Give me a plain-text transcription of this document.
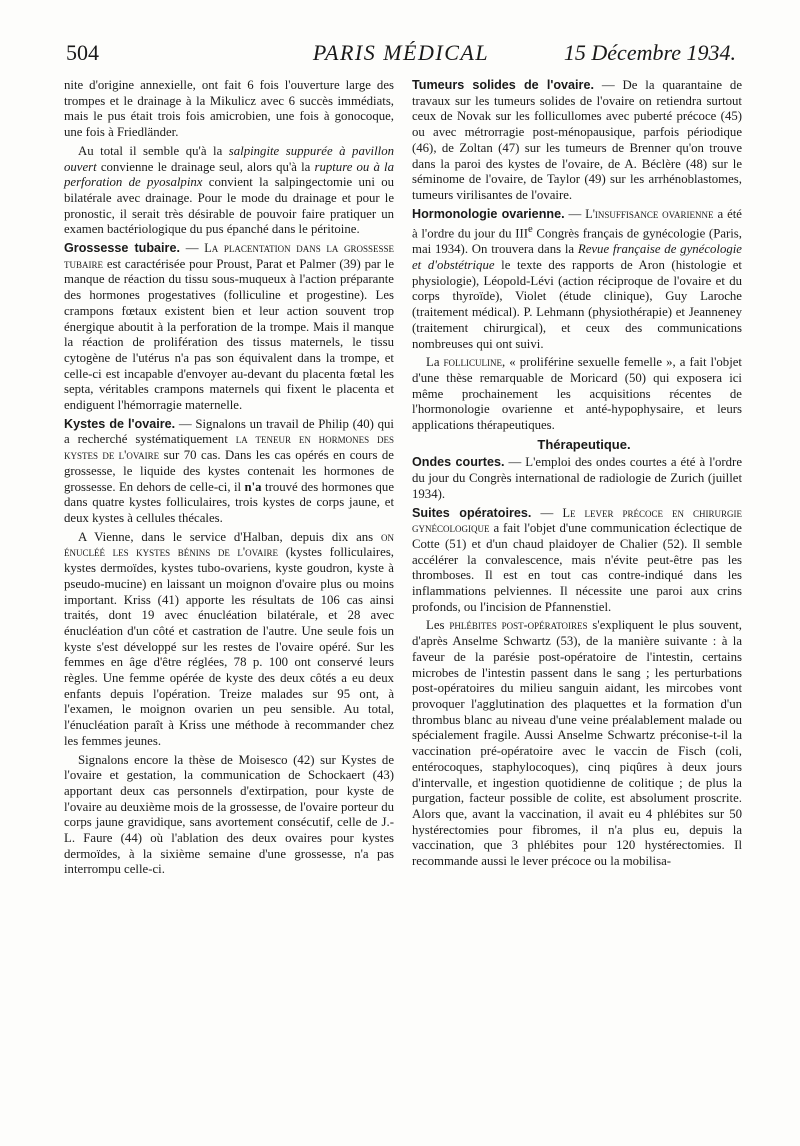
504	PARIS MÉDICAL	15 Décembre 1934.

nite d'origine annexielle, ont fait 6 fois l'ouverture large des trompes et le drainage à la Mikulicz avec 6 succès immédiats, mais le pus était trois fois amicrobien, une fois à gonocoque, une fois à Friedländer.

Au total il semble qu'à la salpingite suppurée à pavillon ouvert convienne le drainage seul, alors qu'à la rupture ou à la perforation de pyosalpinx convient la salpingectomie uni ou bilatérale avec drainage. Pour le mode du drainage et pour le pronostic, il serait très désirable de pouvoir faire pratiquer un examen bactériologique du pus épanché dans le péritoine.

Grossesse tubaire. — La placentation dans la grossesse tubaire est caractérisée pour Proust, Parat et Palmer (39) par le manque de réaction du tissu sous-muqueux à l'action préparante des hormones progestatives (folliculine et progestine). Les crampons fœtaux existent bien et leur action souvent trop énergique aboutit à la perforation de la trompe. Mais il manque la réaction de prolifération des tissus maternels, le tissu cytogène de l'utérus n'a pas son équivalent dans la trompe, et celle-ci est incapable d'envoyer au-devant du placenta fœtal les septa, véritables crampons maternels qui fixent le placenta et endiguent l'hémorragie maternelle.

Kystes de l'ovaire. — Signalons un travail de Philip (40) qui a recherché systématiquement la teneur en hormones des kystes de l'ovaire sur 70 cas. Dans les cas opérés en cours de grossesse, le liquide des kystes contenait les hormones de grossesse. En dehors de celle-ci, il n'a trouvé des hormones que dans quatre kystes folliculaires, trois kystes de corps jaune, et deux kystes à cellules thécales.

A Vienne, dans le service d'Halban, depuis dix ans on énucléé les kystes bénins de l'ovaire (kystes folliculaires, kystes dermoïdes, kystes tubo-ovariens, kyste goudron, kyste à pseudo-mucine) en laissant un moignon d'ovaire plus ou moins important. Kriss (41) apporte les résultats de 106 cas ainsi traités, dont 19 avec énucléation bilatérale, et 28 avec énucléation d'un côté et castration de l'autre. Une seule fois un kyste s'est développé sur les restes de l'ovaire opéré. Sur les femmes en âge d'être réglées, 78 p. 100 ont conservé leurs règles. Une femme opérée de kyste des deux côtés a eu deux enfants depuis l'opération. Treize malades sur 95 ont, à l'examen, le moignon ovarien un peu sensible. Au total, l'énucléation paraît à Kriss une méthode à recommander chez les femmes jeunes.

Signalons encore la thèse de Moisesco (42) sur Kystes de l'ovaire et gestation, la communication de Schockaert (43) apportant deux cas personnels d'extirpation, pour kyste de l'ovaire au deuxième mois de la grossesse, de l'ovaire porteur du corps jaune gravidique, sans avortement consécutif, celle de J.-L. Faure (44) où l'ablation des deux ovaires pour kystes dermoïdes, à la sixième semaine d'une grossesse, n'a pas interrompu celle-ci.

Tumeurs solides de l'ovaire. — De la quarantaine de travaux sur les tumeurs solides de l'ovaire on retiendra surtout ceux de Novak sur les follicullomes avec puberté précoce (45) ou avec métrorragie post-ménopausique, parfois périodique (46), de Zoltan (47) sur les tumeurs de Brenner qu'on trouve dans la paroi des kystes de l'ovaire, de A. Béclère (48) sur le séminome de l'ovaire, de Taylor (49) sur les arrhénoblastomes, tumeurs virilisantes de l'ovaire.

Hormonologie ovarienne. — L'insuffisance ovarienne a été à l'ordre du jour du IIIe Congrès français de gynécologie (Paris, mai 1934). On trouvera dans la Revue française de gynécologie et d'obstétrique le texte des rapports de Aron (histologie et physiologie), Léopold-Lévi (action réciproque de l'ovaire et du corps thyroïde), Violet (étude clinique), Guy Laroche (traitement médical). P. Lehmann (physiothérapie) et Jeanneney (traitement chirurgical), et ceux des communications nombreuses qui ont suivi.

La folliculine, « proliférine sexuelle femelle », a fait l'objet d'une thèse remarquable de Moricard (50) qui exposera ici même prochainement les acquisitions récentes de l'hormonologie ovarienne et anté-hypophysaire, et leurs applications thérapeutiques.

Thérapeutique.

Ondes courtes. — L'emploi des ondes courtes a été à l'ordre du jour du Congrès international de radiologie de Zurich (juillet 1934).

Suites opératoires. — Le lever précoce en chirurgie gynécologique a fait l'objet d'une communication éclectique de Cotte (51) et d'un chaud plaidoyer de Chalier (52). Il semble accélérer la convalescence, mais n'évite peut-être pas les thromboses. Il est en tout cas contre-indiqué dans les inflammations pelviennes. Il nécessite une paroi aux crins profonds, ou l'incision de Pfannenstiel.

Les phlébites post-opératoires s'expliquent le plus souvent, d'après Anselme Schwartz (53), de la manière suivante : à la faveur de la parésie post-opératoire de l'intestin, certains microbes de l'intestin passent dans le sang ; les perturbations post-opératoires du milieu sanguin aidant, les mircobes vont provoquer l'agglutination des plaquettes et la formation d'un thrombus blanc au niveau d'une veine préalablement malade ou spécialement fragile. Aussi Anselme Schwartz préconise-t-il la vaccination pré-opératoire avec le vaccin de Fisch (coli, entérocoques, staphylocoques), cinq piqûres à deux jours d'intervalle, et ingestion quotidienne de colitique ; de plus la purgation, facteur possible de colite, est absolument proscrite. Alors que, avant la vaccination, il avait eu 4 phlébites sur 50 hystérectomies pour fibromes, il n'a plus eu, depuis la vaccination, que 3 phlébites pour 120 hystérectomies. Il recommande aussi le lever précoce ou la mobilisa-
